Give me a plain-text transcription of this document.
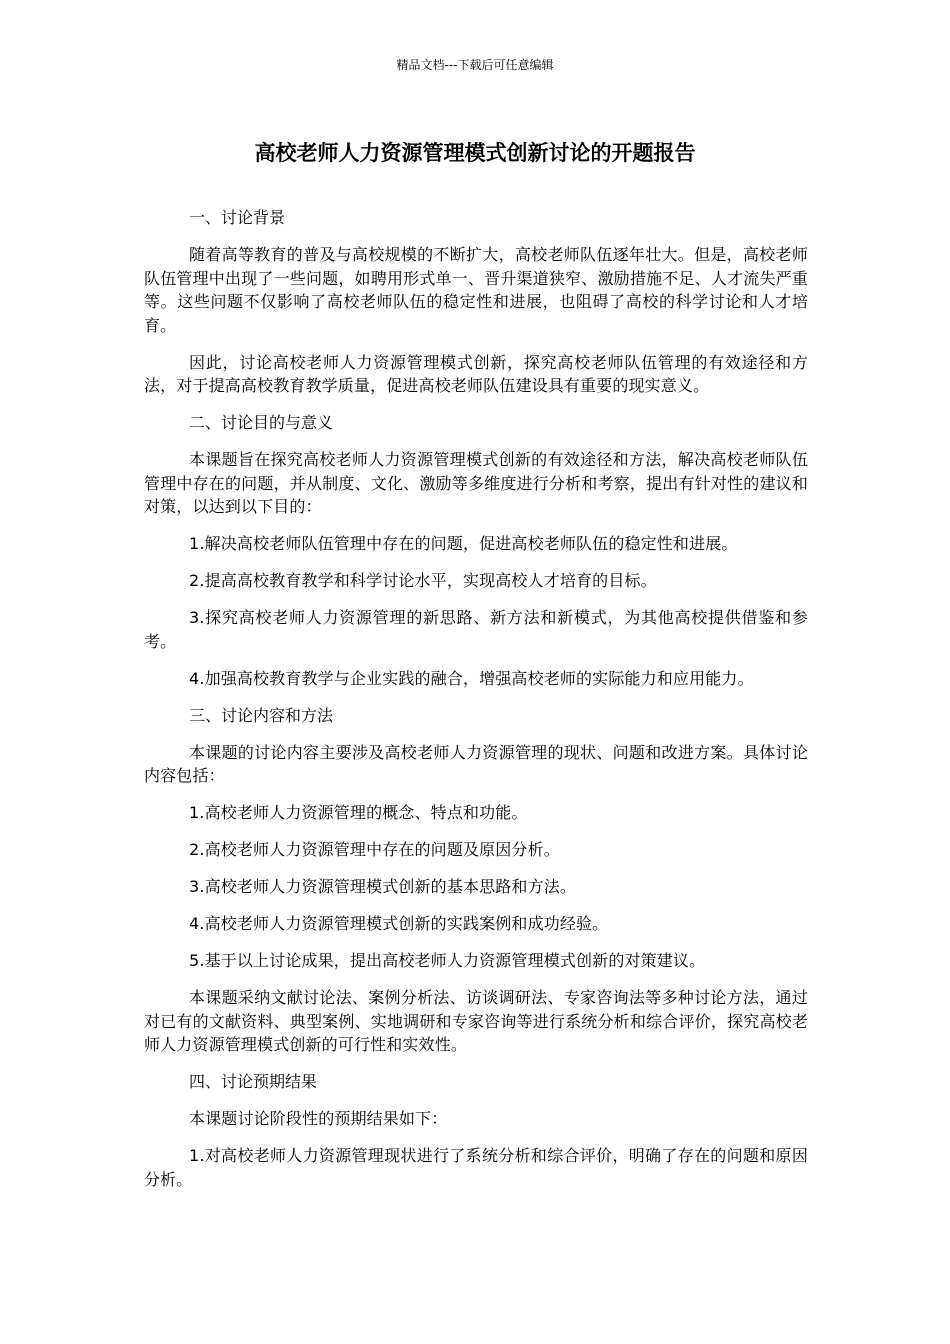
精品文档---下载后可任意编辑
高校老师人力资源管理模式创新讨论的开题报告
一、讨论背景

随着高等教育的普及与高校规模的不断扩大，高校老师队伍逐年壮大。但是，高校老师队伍管理中出现了一些问题，如聘用形式单一、晋升渠道狭窄、激励措施不足、人才流失严重等。这些问题不仅影响了高校老师队伍的稳定性和进展，也阻碍了高校的科学讨论和人才培育。

因此，讨论高校老师人力资源管理模式创新，探究高校老师队伍管理的有效途径和方法，对于提高高校教育教学质量，促进高校老师队伍建设具有重要的现实意义。

二、讨论目的与意义

本课题旨在探究高校老师人力资源管理模式创新的有效途径和方法，解决高校老师队伍管理中存在的问题，并从制度、文化、激励等多维度进行分析和考察，提出有针对性的建议和对策，以达到以下目的：

1.解决高校老师队伍管理中存在的问题，促进高校老师队伍的稳定性和进展。

2.提高高校教育教学和科学讨论水平，实现高校人才培育的目标。

3.探究高校老师人力资源管理的新思路、新方法和新模式，为其他高校提供借鉴和参考。

4.加强高校教育教学与企业实践的融合，增强高校老师的实际能力和应用能力。

三、讨论内容和方法

本课题的讨论内容主要涉及高校老师人力资源管理的现状、问题和改进方案。具体讨论内容包括：

1.高校老师人力资源管理的概念、特点和功能。

2.高校老师人力资源管理中存在的问题及原因分析。

3.高校老师人力资源管理模式创新的基本思路和方法。

4.高校老师人力资源管理模式创新的实践案例和成功经验。

5.基于以上讨论成果，提出高校老师人力资源管理模式创新的对策建议。

本课题采纳文献讨论法、案例分析法、访谈调研法、专家咨询法等多种讨论方法，通过对已有的文献资料、典型案例、实地调研和专家咨询等进行系统分析和综合评价，探究高校老师人力资源管理模式创新的可行性和实效性。

四、讨论预期结果

本课题讨论阶段性的预期结果如下：

1.对高校老师人力资源管理现状进行了系统分析和综合评价，明确了存在的问题和原因分析。
